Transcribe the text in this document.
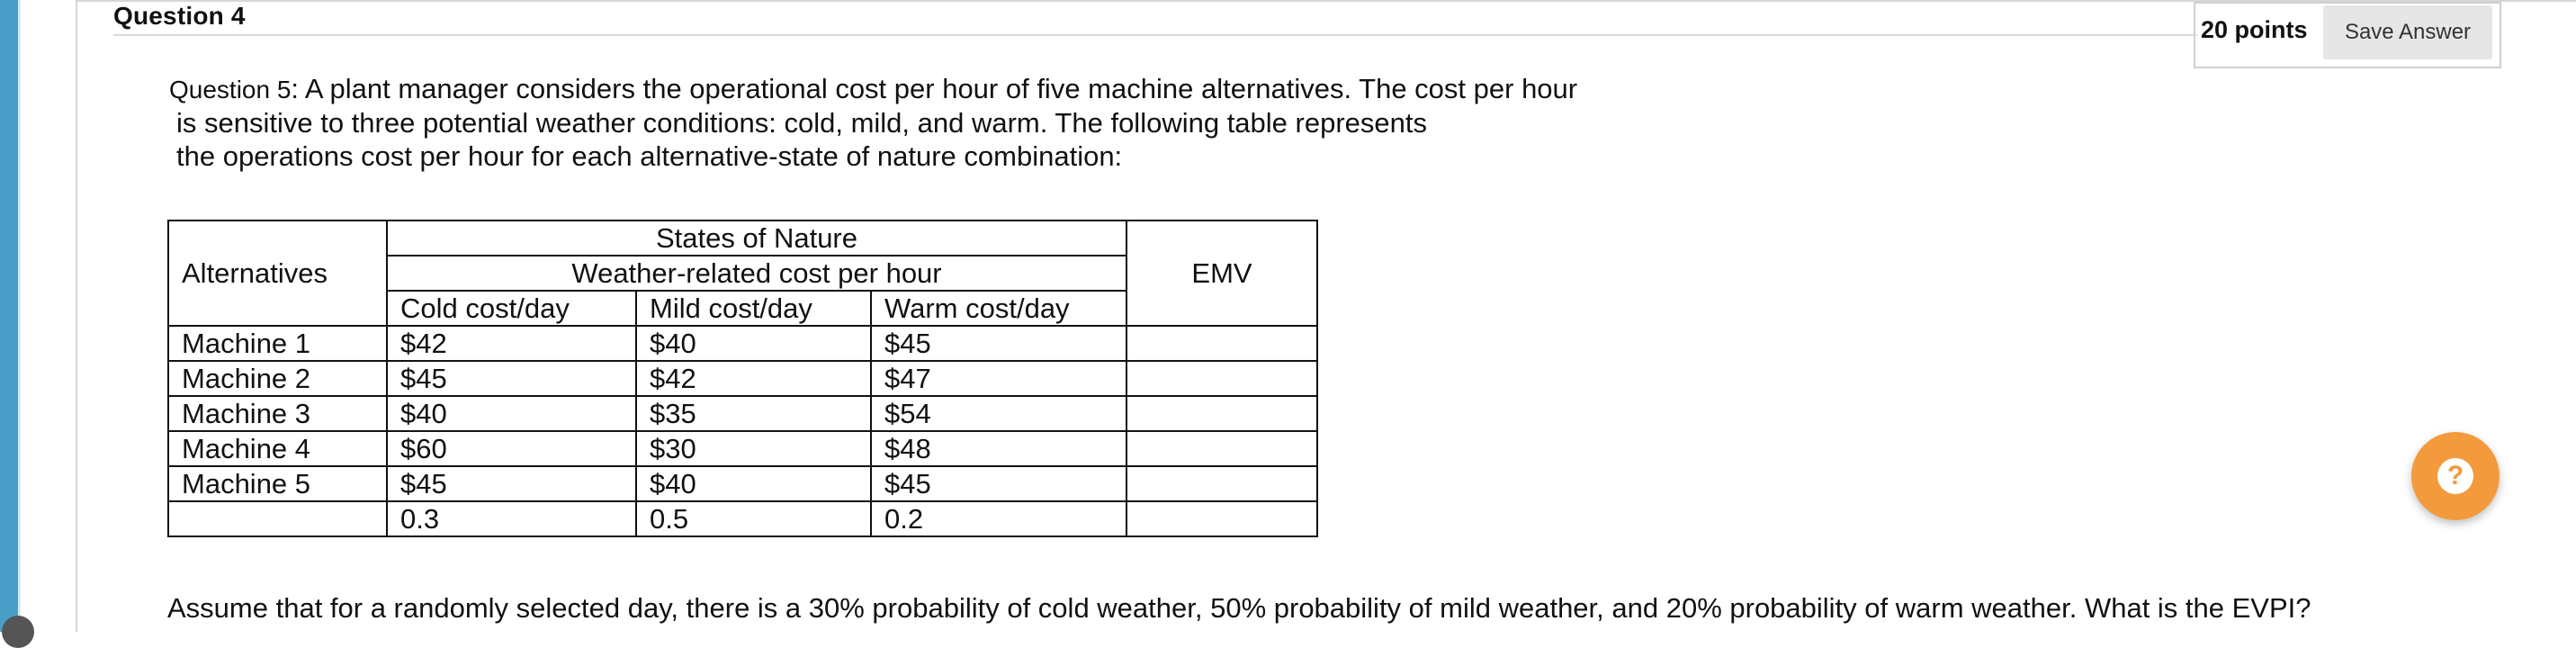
Question 4	20 points	Save Answer
Question 5: A plant manager considers the operational cost per hour of five machine alternatives. The cost per hour
is sensitive to three potential weather conditions: cold, mild, and warm. The following table represents
the operations cost per hour for each alternative-state of nature combination:
Alternatives	States of Nature			EMV
	Weather-related cost per hour			
	Cold cost/day	Mild cost/day	Warm cost/day	
Machine 1	$42	$40	$45	
Machine 2	$45	$42	$47	
Machine 3	$40	$35	$54	
Machine 4	$60	$30	$48	
Machine 5	$45	$40	$45	
	0.3	0.5	0.2	
Assume that for a randomly selected day, there is a 30% probability of cold weather, 50% probability of mild weather, and 20% probability of warm weather. What is the EVPI?
?
